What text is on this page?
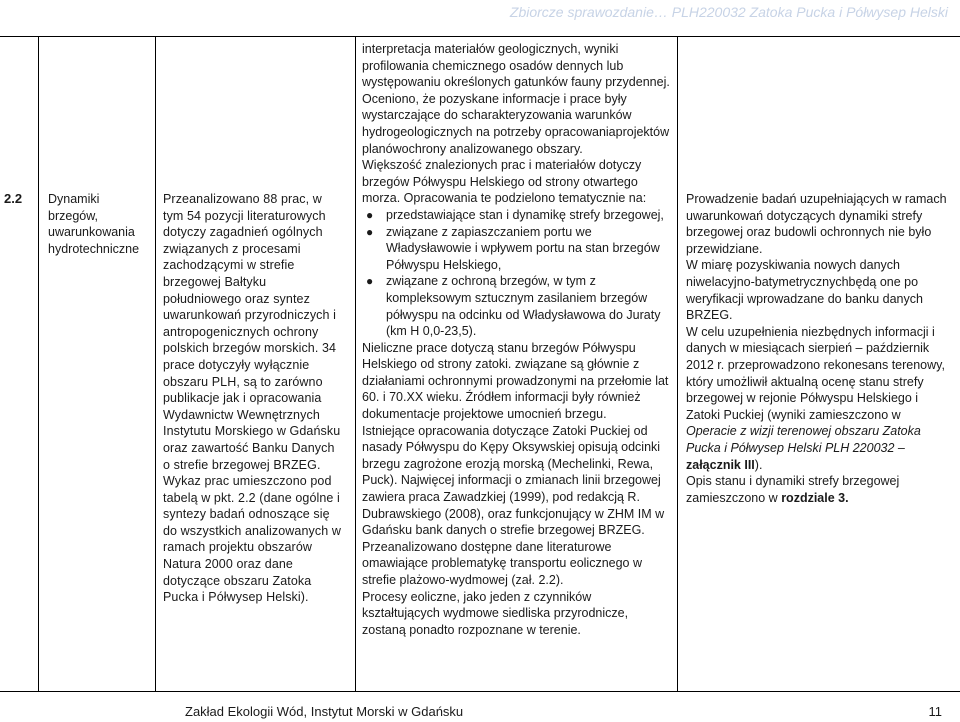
Zbiorcze sprawozdanie… PLH220032 Zatoka Pucka i Półwysep Helski
2.2	Dynamiki brzegów, uwarunkowania hydrotechniczne
Przeanalizowano 88 prac, w tym 54 pozycji literaturowych dotyczy zagadnień ogólnych związanych z procesami zachodzącymi w strefie brzegowej Bałtyku południowego oraz syntez uwarunkowań przyrodniczych i antropogenicznych ochrony polskich brzegów morskich. 34 prace dotyczyły wyłącznie obszaru PLH, są to zarówno publikacje jak i opracowania Wydawnictw Wewnętrznych Instytutu Morskiego w Gdańsku oraz zawartość Banku Danych o strefie brzegowej BRZEG. Wykaz prac umieszczono pod tabelą w pkt. 2.2 (dane ogólne i syntezy badań odnoszące się do wszystkich analizowanych w ramach projektu obszarów Natura 2000 oraz dane dotyczące obszaru Zatoka Pucka i Półwysep Helski).

interpretacja materiałów geologicznych, wyniki profilowania chemicznego osadów dennych lub występowaniu określonych gatunków fauny przydennej.

Oceniono, że pozyskane informacje i prace były wystarczające do scharakteryzowania warunków hydrogeologicznych na potrzeby opracowaniaprojektów planówochrony analizowanego obszary.

Większość znalezionych prac i materiałów dotyczy brzegów Półwyspu Helskiego od strony otwartego morza. Opracowania te podzielono tematycznie na:

● przedstawiające stan i dynamikę strefy brzegowej,
● związane z zapiaszczaniem portu we Władysławowie i wpływem portu na stan brzegów Półwyspu Helskiego,
● związane z ochroną brzegów, w tym z kompleksowym sztucznym zasilaniem brzegów półwyspu na odcinku od Władysławowa do Juraty (km H 0,0-23,5).

Nieliczne prace dotyczą stanu brzegów Półwyspu Helskiego od strony zatoki. związane są głównie z działaniami ochronnymi prowadzonymi na przełomie lat 60. i 70.XX wieku. Źródłem informacji były również dokumentacje projektowe umocnień brzegu.

Istniejące opracowania dotyczące Zatoki Puckiej od nasady Półwyspu do Kępy Oksywskiej opisują odcinki brzegu zagrożone erozją morską (Mechelinki, Rewa, Puck). Najwięcej informacji o zmianach linii brzegowej zawiera praca Zawadzkiej (1999), pod redakcją R. Dubrawskiego (2008), oraz funkcjonujący w ZHM IM w Gdańsku bank danych o strefie brzegowej BRZEG.

Przeanalizowano dostępne dane literaturowe omawiające problematykę transportu eolicznego w strefie plażowo-wydmowej (zał. 2.2).

Procesy eoliczne, jako jeden z czynników kształtujących wydmowe siedliska przyrodnicze, zostaną ponadto rozpoznane w terenie.

Prowadzenie badań uzupełniających w ramach uwarunkowań dotyczących dynamiki strefy brzegowej oraz budowli ochronnych nie było przewidziane.

W miarę pozyskiwania nowych danych niwelacyjno-batymetrycznychbędą one po weryfikacji wprowadzane do banku danych BRZEG.

W celu uzupełnienia niezbędnych informacji i danych w miesiącach sierpień – październik 2012 r. przeprowadzono rekonesans terenowy, który umożliwił aktualną ocenę stanu strefy brzegowej w rejonie Półwyspu Helskiego i Zatoki Puckiej (wyniki zamieszczono w Operacie z wizji terenowej obszaru Zatoka Pucka i Półwysep Helski PLH 220032 – załącznik III).

Opis stanu i dynamiki strefy brzegowej zamieszczono w rozdziale 3.

Zakład Ekologii Wód, Instytut Morski w Gdańsku	11
